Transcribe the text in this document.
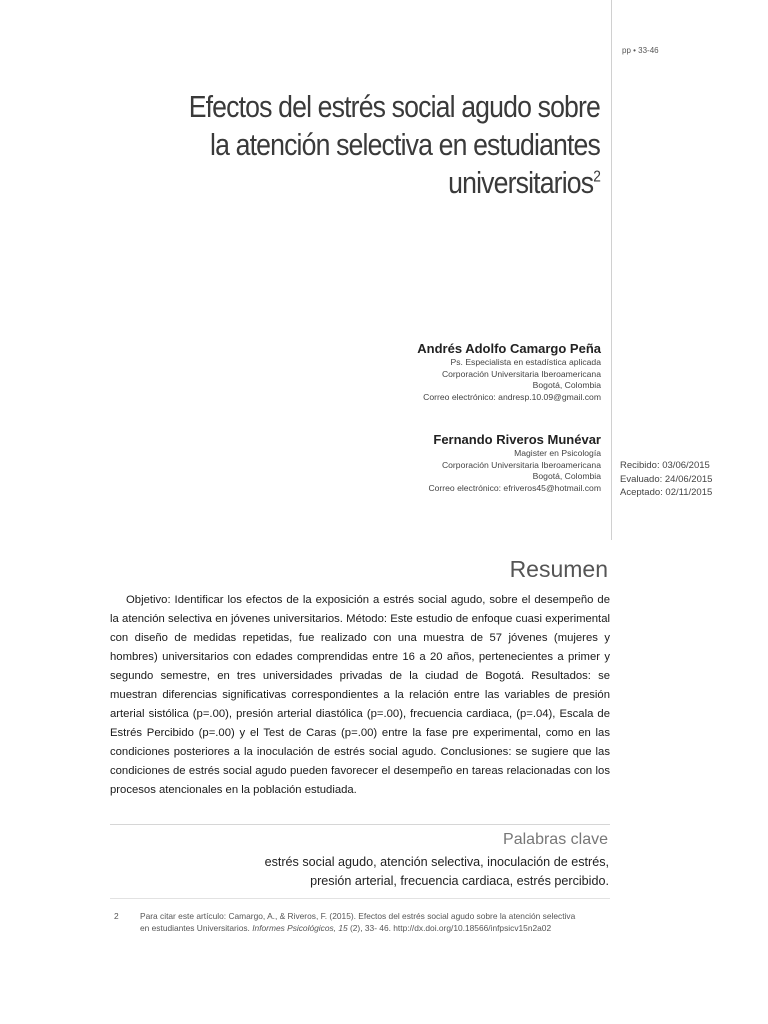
pp • 33-46
Efectos del estrés social agudo sobre
la atención selectiva en estudiantes
universitarios$^2$
Andrés Adolfo Camargo Peña
Ps. Especialista en estadística aplicada
Corporación Universitaria Iberoamericana
Bogotá, Colombia
Correo electrónico: andresp.10.09@gmail.com
Fernando Riveros Munévar
Magister en Psicología
Corporación Universitaria Iberoamericana
Bogotá, Colombia
Correo electrónico: efriveros45@hotmail.com
Recibido: 03/06/2015
Evaluado: 24/06/2015
Aceptado: 02/11/2015
Resumen

Objetivo: Identificar los efectos de la exposición a estrés social agudo, sobre el desempeño de la atención selectiva en jóvenes universitarios. Método: Este estudio de enfoque cuasi experimental con diseño de medidas repetidas, fue realizado con una muestra de 57 jóvenes (mujeres y hombres) universitarios con edades comprendidas entre 16 a 20 años, pertenecientes a primer y segundo semestre, en tres universidades privadas de la ciudad de Bogotá. Resultados: se muestran diferencias significativas correspondientes a la relación entre las variables de presión arterial sistólica (p=.00), presión arterial diastólica (p=.00), frecuencia cardiaca, (p=.04), Escala de Estrés Percibido (p=.00) y el Test de Caras (p=.00) entre la fase pre experimental, como en las condiciones posteriores a la inoculación de estrés social agudo. Conclusiones: se sugiere que las condiciones de estrés social agudo pueden favorecer el desempeño en tareas relacionadas con los procesos atencionales en la población estudiada.

Palabras clave
estrés social agudo, atención selectiva, inoculación de estrés,
presión arterial, frecuencia cardiaca, estrés percibido.
2	Para citar este artículo: Camargo, A., & Riveros, F. (2015). Efectos del estrés social agudo sobre la atención selectiva
en estudiantes Universitarios. Informes Psicológicos, 15 (2), 33- 46. http://dx.doi.org/10.18566/infpsicv15n2a02
